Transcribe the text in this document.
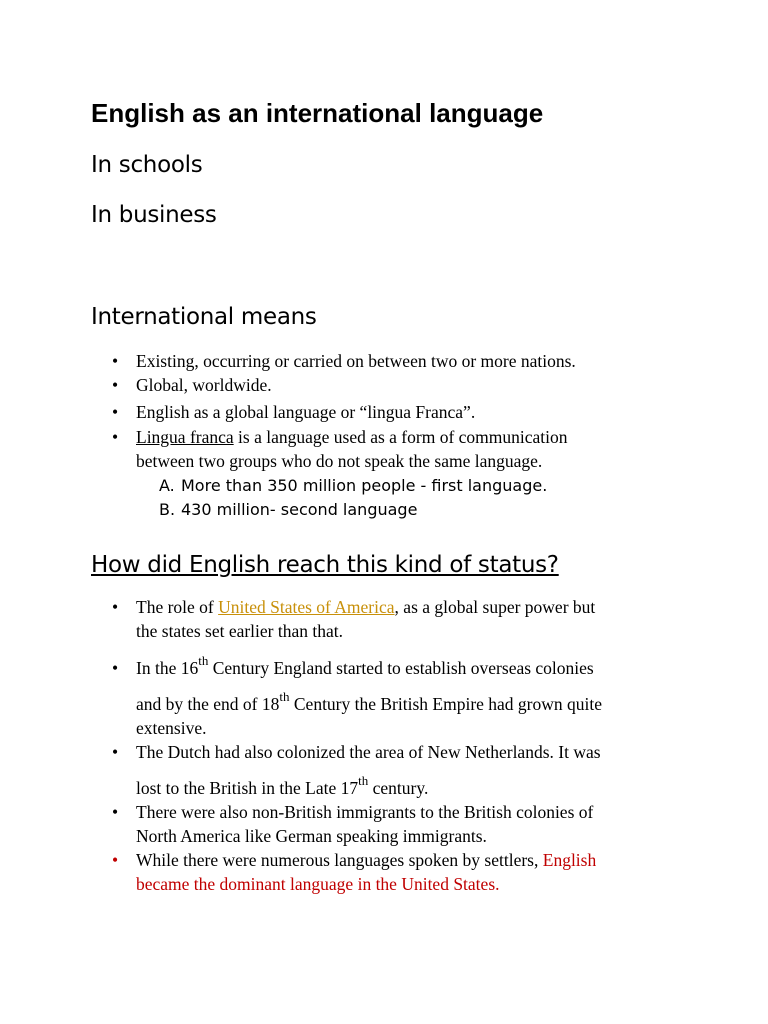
English as an international language
In schools
In business
International means
• Existing, occurring or carried on between two or more nations.
• Global, worldwide.
• English as a global language or “lingua Franca”.
• Lingua franca is a language used as a form of communication
between two groups who do not speak the same language.
A. More than 350 million people - first language.
B. 430 million- second language
How did English reach this kind of status?
• The role of United States of America, as a global super power but
the states set earlier than that.
• In the 16th Century England started to establish overseas colonies
and by the end of 18th Century the British Empire had grown quite
extensive.
• The Dutch had also colonized the area of New Netherlands. It was
lost to the British in the Late 17th century.
• There were also non-British immigrants to the British colonies of
North America like German speaking immigrants.
• While there were numerous languages spoken by settlers, English
became the dominant language in the United States.
